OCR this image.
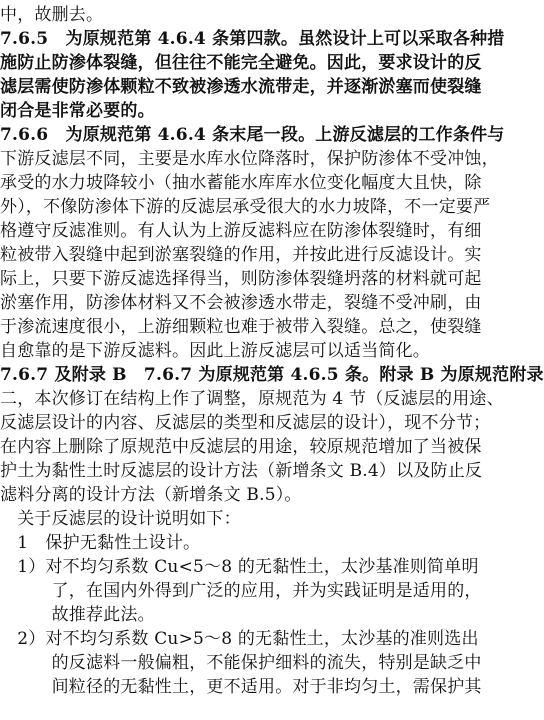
中，故删去。
7.6.5　为原规范第 4.6.4 条第四款。虽然设计上可以采取各种措
施防止防渗体裂缝，但往往不能完全避免。因此，要求设计的反
滤层需使防渗体颗粒不致被渗透水流带走，并逐渐淤塞而使裂缝
闭合是非常必要的。
7.6.6　为原规范第 4.6.4 条末尾一段。上游反滤层的工作条件与
下游反滤层不同，主要是水库水位降落时，保护防渗体不受冲蚀，
承受的水力坡降较小（抽水蓄能水库库水位变化幅度大且快，除
外），不像防渗体下游的反滤层承受很大的水力坡降，不一定要严
格遵守反滤准则。有人认为上游反滤料应在防渗体裂缝时，有细
粒被带入裂缝中起到淤塞裂缝的作用，并按此进行反滤设计。实
际上，只要下游反滤选择得当，则防渗体裂缝坍落的材料就可起
淤塞作用，防渗体材料又不会被渗透水带走，裂缝不受冲刷，由
于渗流速度很小，上游细颗粒也难于被带入裂缝。总之，使裂缝
自愈靠的是下游反滤料。因此上游反滤层可以适当简化。
7.6.7 及附录 B　7.6.7 为原规范第 4.6.5 条。附录 B 为原规范附录
二，本次修订在结构上作了调整，原规范为 4 节（反滤层的用途、
反滤层设计的内容、反滤层的类型和反滤层的设计），现不分节；
在内容上删除了原规范中反滤层的用途，较原规范增加了当被保
护土为黏性土时反滤层的设计方法（新增条文 B.4）以及防止反
滤料分离的设计方法（新增条文 B.5）。
　关于反滤层的设计说明如下：
　1　保护无黏性土设计。
　1）对不均匀系数 Cu<5～8 的无黏性土，太沙基准则简单明
　　　了，在国内外得到广泛的应用，并为实践证明是适用的，
　　　故推荐此法。
　2）对不均匀系数 Cu>5～8 的无黏性土，太沙基的准则选出
　　　的反滤料一般偏粗，不能保护细料的流失，特别是缺乏中
　　　间粒径的无黏性土，更不适用。对于非均匀土，需保护其
